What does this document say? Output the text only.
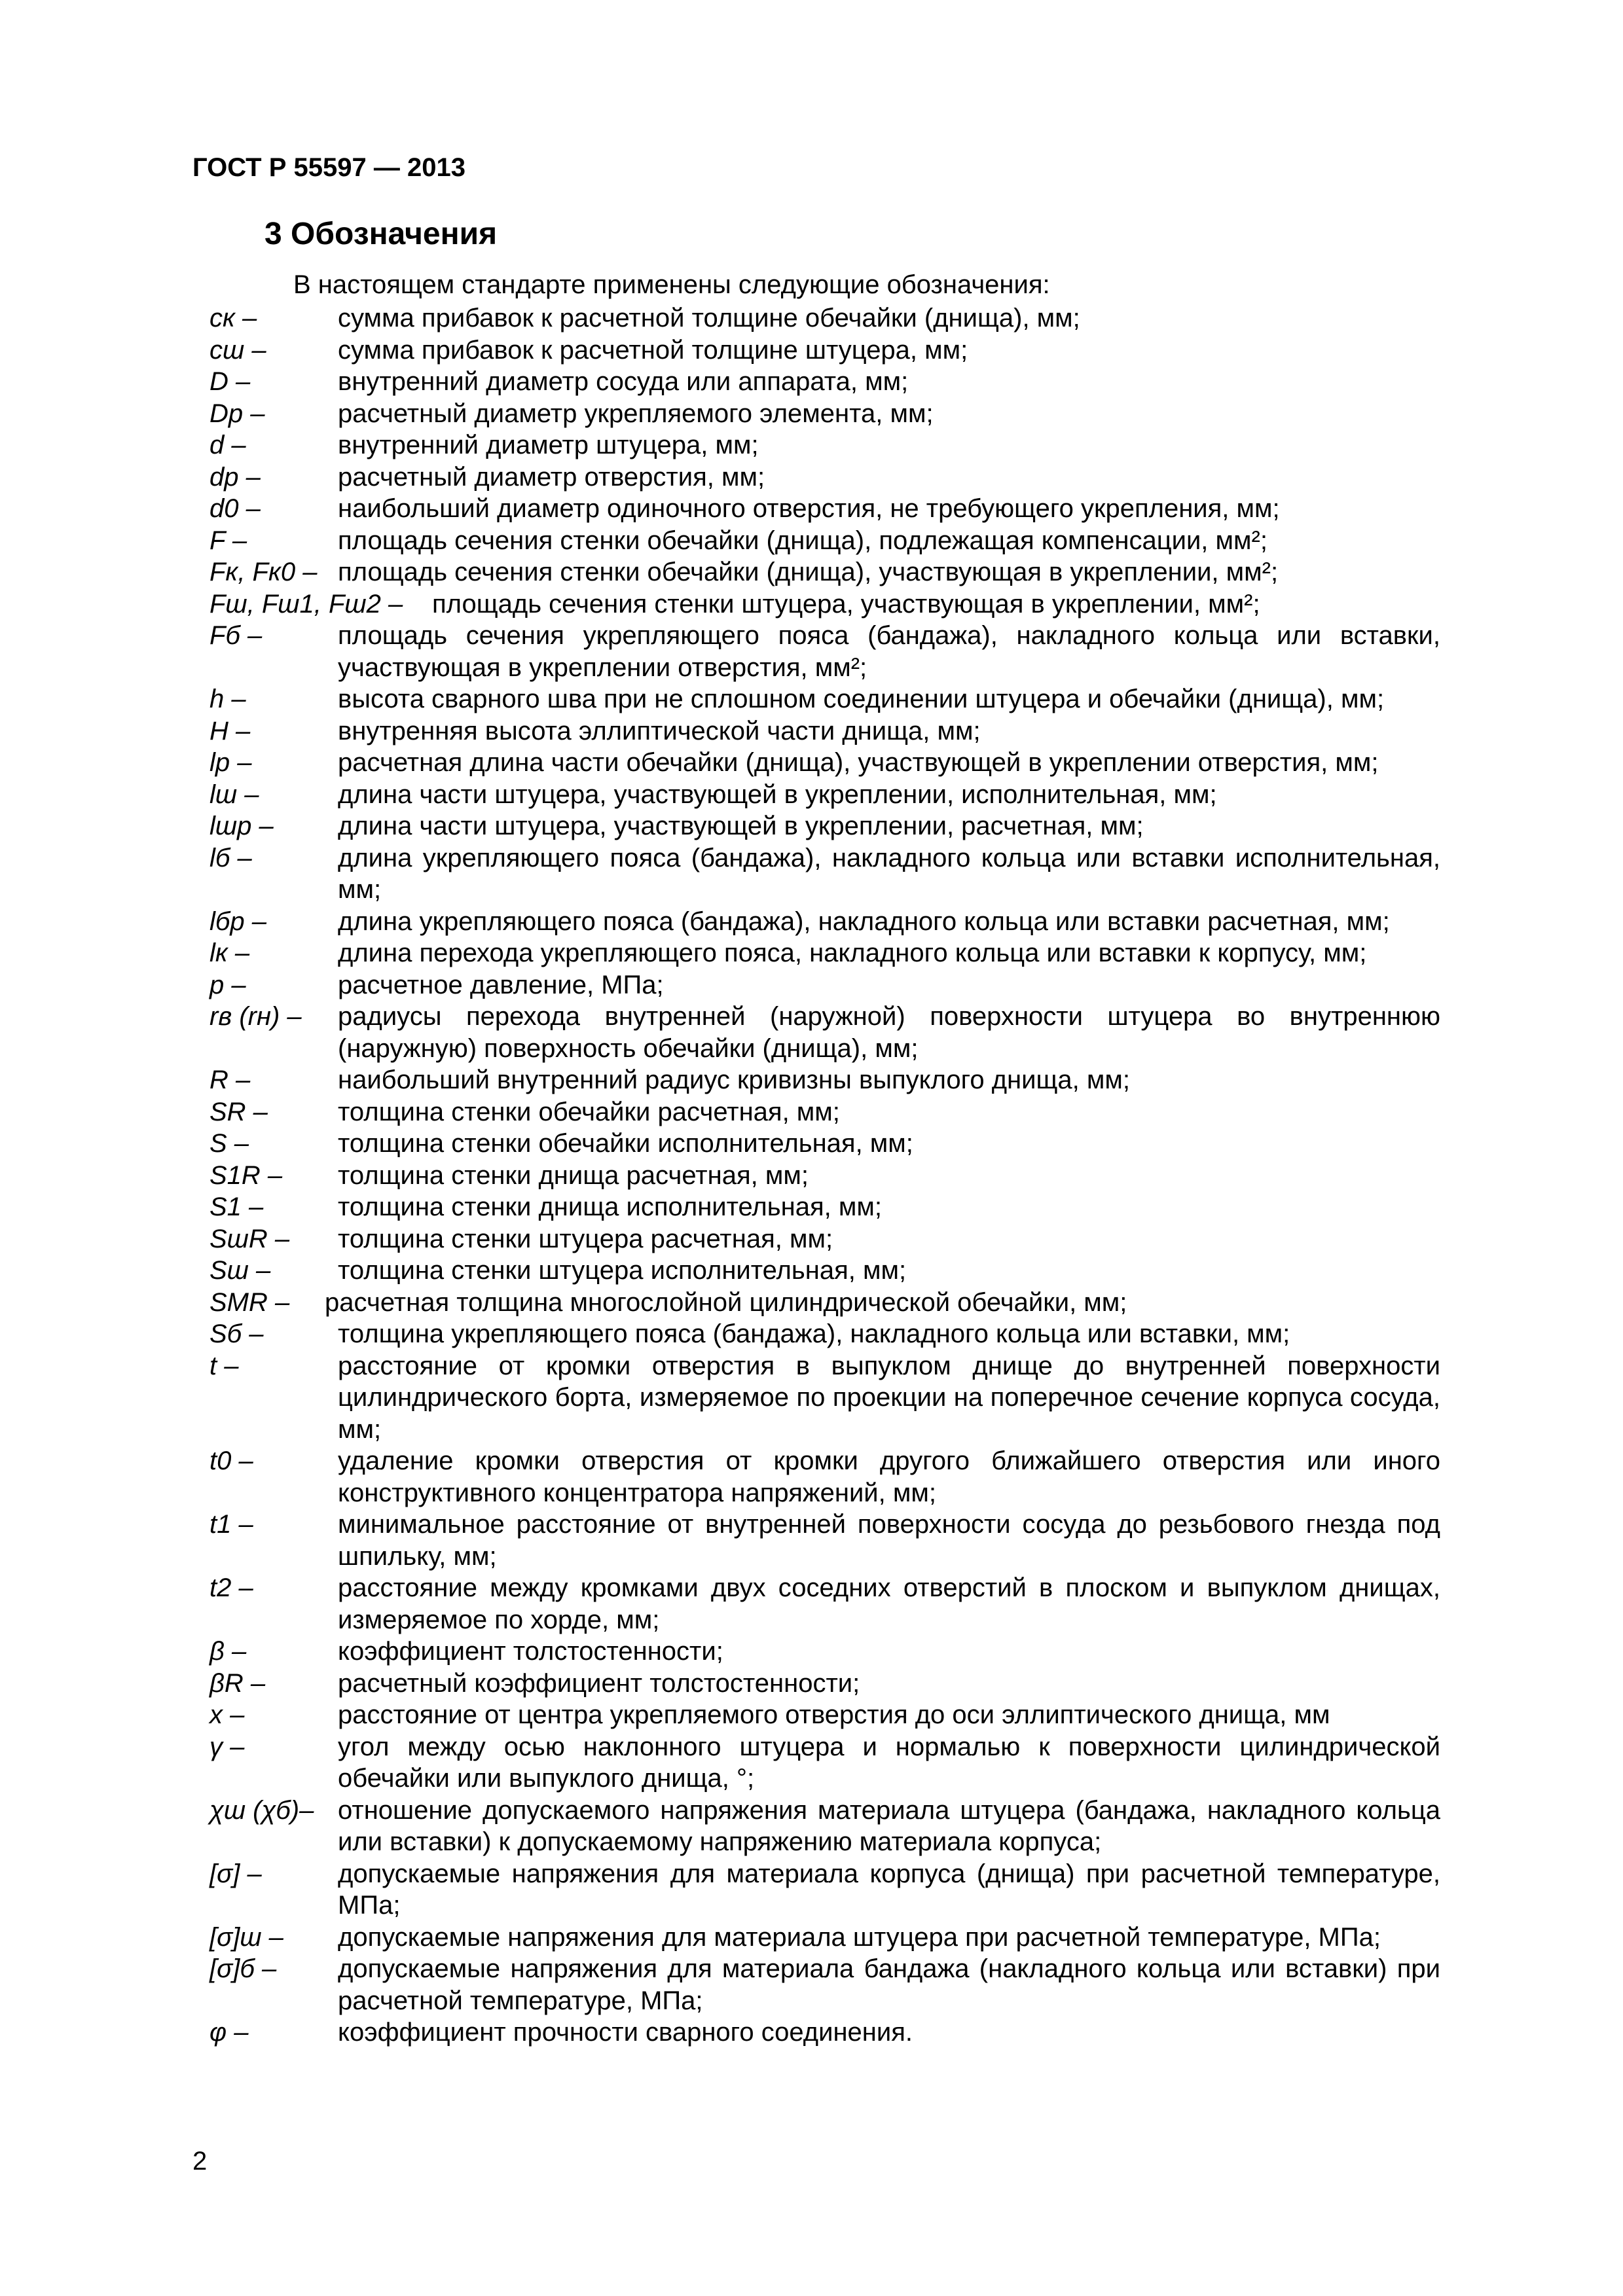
ГОСТ Р 55597 — 2013
3 Обозначения
В настоящем стандарте применены следующие обозначения:
cк –	сумма прибавок к расчетной толщине обечайки (днища), мм;
cш –	сумма прибавок к расчетной толщине штуцера, мм;
D –	внутренний диаметр сосуда или аппарата, мм;
Dр –	расчетный диаметр укрепляемого элемента, мм;
d –	внутренний диаметр штуцера, мм;
dр –	расчетный диаметр отверстия, мм;
d0 –	наибольший диаметр одиночного отверстия, не требующего укрепления, мм;
F –	площадь сечения стенки обечайки (днища), подлежащая компенсации, мм²;
Fк, Fк0 – площадь сечения стенки обечайки (днища), участвующая в укреплении, мм²;
Fш, Fш1, Fш2 –	площадь сечения стенки штуцера, участвующая в укреплении, мм²;
Fб –	площадь сечения укрепляющего пояса (бандажа), накладного кольца или вставки, участвующая в укреплении отверстия, мм²;
h –	высота сварного шва при не сплошном соединении штуцера и обечайки (днища), мм;
H –	внутренняя высота эллиптической части днища, мм;
lр –	расчетная длина части обечайки (днища), участвующей в укреплении отверстия, мм;
lш –	длина части штуцера, участвующей в укреплении, исполнительная, мм;
lшр –	длина части штуцера, участвующей в укреплении, расчетная, мм;
lб –	длина укрепляющего пояса (бандажа), накладного кольца или вставки исполнительная, мм;
lбр –	длина укрепляющего пояса (бандажа), накладного кольца или вставки расчетная, мм;
lк –	длина перехода укрепляющего пояса, накладного кольца или вставки к корпусу, мм;
p –	расчетное давление, МПа;
rв (rн) –	радиусы перехода внутренней (наружной) поверхности штуцера во внутреннюю (наружную) поверхность обечайки (днища), мм;
R –	наибольший внутренний радиус кривизны выпуклого днища, мм;
SR –	толщина стенки обечайки расчетная, мм;
S –	толщина стенки обечайки исполнительная, мм;
S1R –	толщина стенки днища расчетная, мм;
S1 –	толщина стенки днища исполнительная, мм;
SшR –	толщина стенки штуцера расчетная, мм;
Sш –	толщина стенки штуцера исполнительная, мм;
SMR –	расчетная толщина многослойной цилиндрической обечайки, мм;
Sб –	толщина укрепляющего пояса (бандажа), накладного кольца или вставки, мм;
t –	расстояние от кромки отверстия в выпуклом днище до внутренней поверхности цилиндрического борта, измеряемое по проекции на поперечное сечение корпуса сосуда, мм;
t0 –	удаление кромки отверстия от кромки другого ближайшего отверстия или иного конструктивного концентратора напряжений, мм;
t1 –	минимальное расстояние от внутренней поверхности сосуда до резьбового гнезда под шпильку, мм;
t2 –	расстояние между кромками двух соседних отверстий в плоском и выпуклом днищах, измеряемое по хорде, мм;
β –	коэффициент толстостенности;
βR –	расчетный коэффициент толстостенности;
x –	расстояние от центра укрепляемого отверстия до оси эллиптического днища, мм
γ –	угол между осью наклонного штуцера и нормалью к поверхности цилиндрической обечайки или выпуклого днища, °;
χш (χб)– отношение допускаемого напряжения материала штуцера (бандажа, накладного кольца или вставки) к допускаемому напряжению материала корпуса;
[σ] –	допускаемые напряжения для материала корпуса (днища) при расчетной температуре, МПа;
[σ]ш –	допускаемые напряжения для материала штуцера при расчетной температуре, МПа;
[σ]б –	допускаемые напряжения для материала бандажа (накладного кольца или вставки) при расчетной температуре, МПа;
φ –	коэффициент прочности сварного соединения.
2
